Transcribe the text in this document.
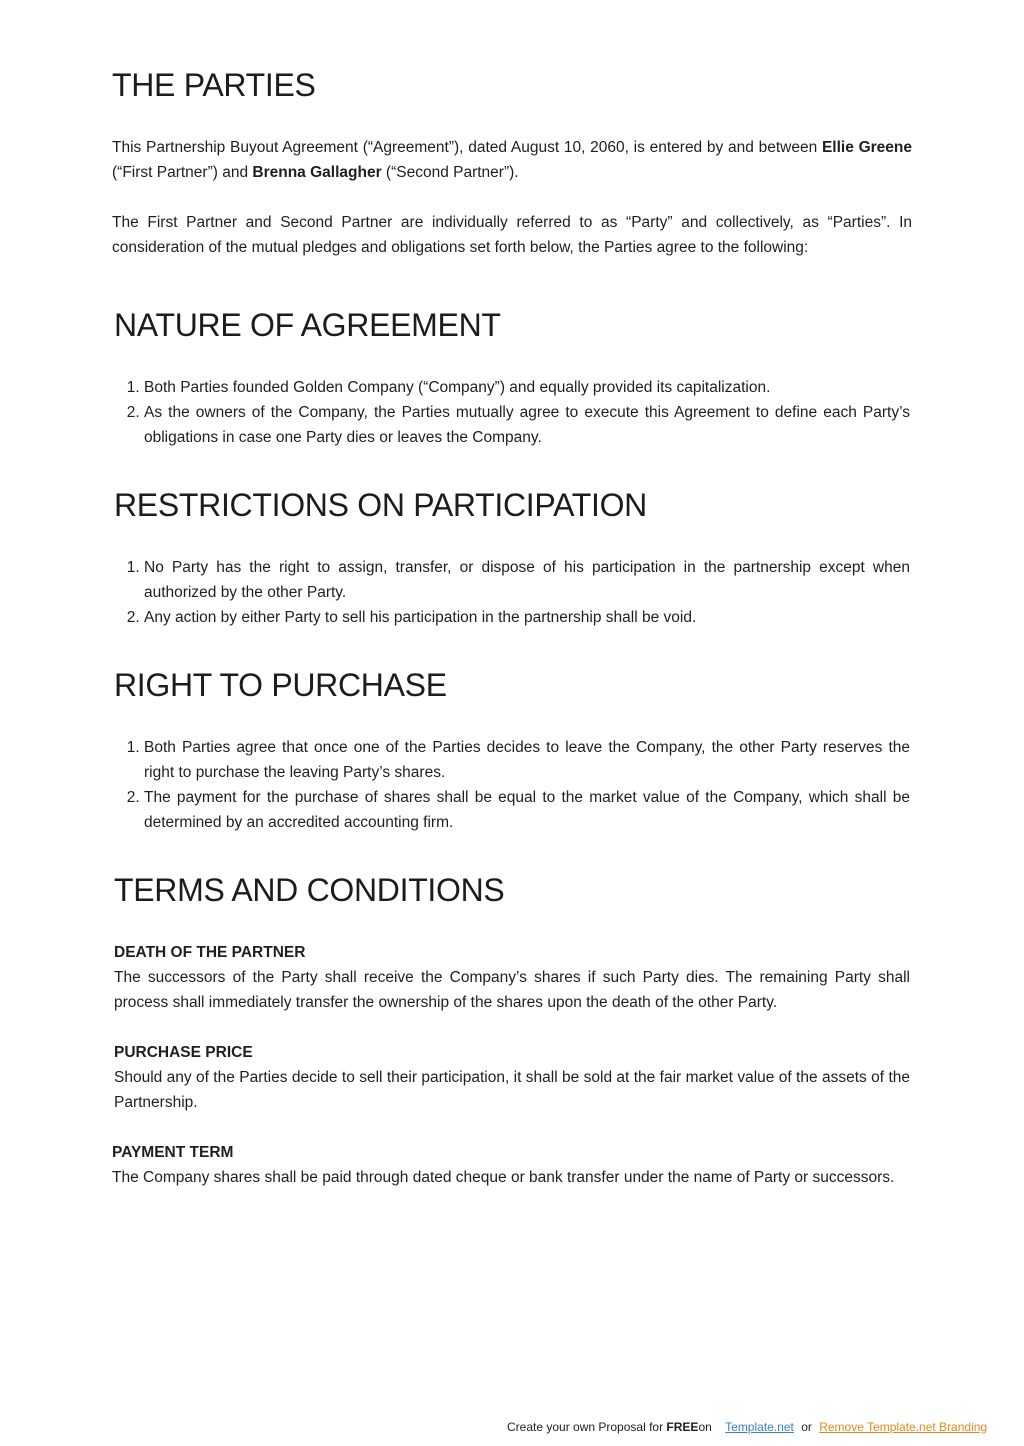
THE PARTIES

This Partnership Buyout Agreement (“Agreement”), dated August 10, 2060, is entered by and between Ellie Greene (“First Partner”) and Brenna Gallagher (“Second Partner”).

The First Partner and Second Partner are individually referred to as “Party” and collectively, as “Parties”. In consideration of the mutual pledges and obligations set forth below, the Parties agree to the following:

NATURE OF AGREEMENT
1. Both Parties founded Golden Company (“Company”) and equally provided its capitalization.
2. As the owners of the Company, the Parties mutually agree to execute this Agreement to define each Party’s obligations in case one Party dies or leaves the Company.
RESTRICTIONS ON PARTICIPATION
1. No Party has the right to assign, transfer, or dispose of his participation in the partnership except when authorized by the other Party.
2. Any action by either Party to sell his participation in the partnership shall be void.
RIGHT TO PURCHASE
1. Both Parties agree that once one of the Parties decides to leave the Company, the other Party reserves the right to purchase the leaving Party’s shares.
2. The payment for the purchase of shares shall be equal to the market value of the Company, which shall be determined by an accredited accounting firm.
TERMS AND CONDITIONS
DEATH OF THE PARTNER

The successors of the Party shall receive the Company’s shares if such Party dies. The remaining Party shall process shall immediately transfer the ownership of the shares upon the death of the other Party.

PURCHASE PRICE

Should any of the Parties decide to sell their participation, it shall be sold at the fair market value of the assets of the Partnership.

PAYMENT TERM

The Company shares shall be paid through dated cheque or bank transfer under the name of Party or successors.

Create your own Proposal for FREEon Template.net or Remove Template.net Branding
